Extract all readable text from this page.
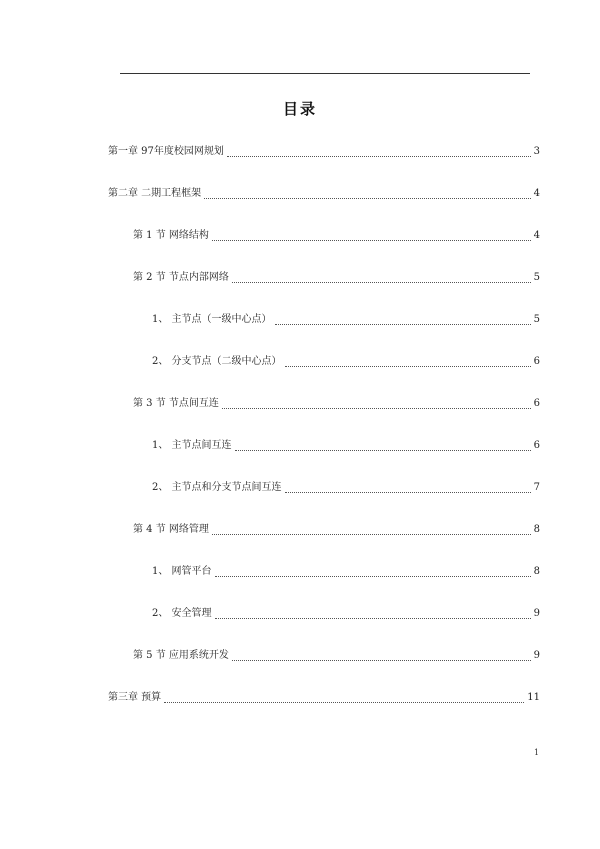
目录
第一章 97年度校园网规划	3
第二章 二期工程框架	4
第 1 节 网络结构	4
第 2 节 节点内部网络	5
1、 主节点（一级中心点）	5
2、 分支节点（二级中心点）	6
第 3 节 节点间互连	6
1、 主节点间互连	6
2、 主节点和分支节点间互连	7
第 4 节 网络管理	8
1、 网管平台	8
2、 安全管理	9
第 5 节 应用系统开发	9
第三章 预算	11
1
